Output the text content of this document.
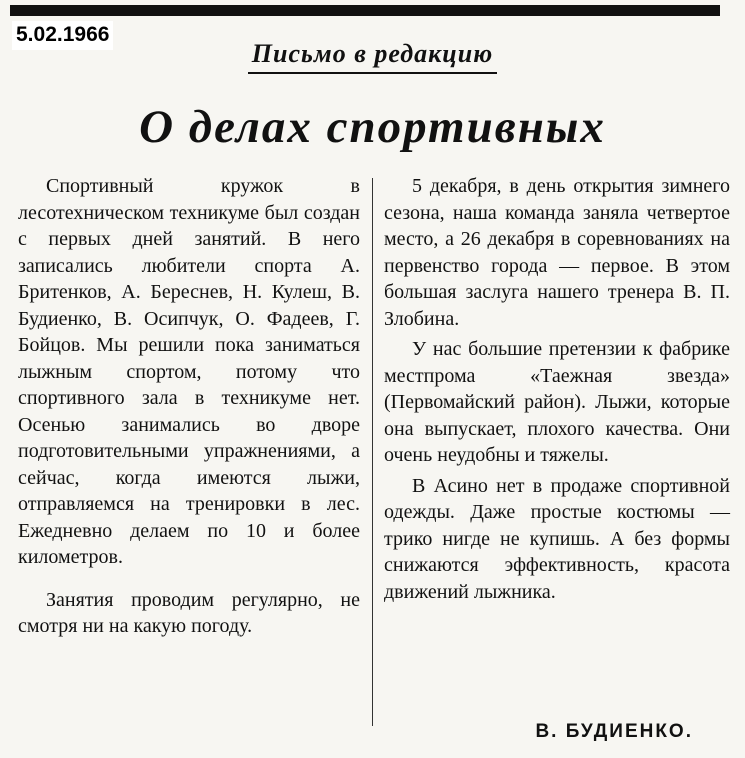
5.02.1966
Письмо в редакцию
О делах спортивных

Спортивный кружок в лесотехническом техникуме был создан с первых дней занятий. В него записались любители спорта А. Бритенков, А. Береснев, Н. Кулеш, В. Будиенко, В. Осипчук, О. Фадеев, Г. Бойцов. Мы решили пока заниматься лыжным спортом, потому что спортивного зала в техникуме нет. Осенью занимались во дворе подготовительными упражнениями, а сейчас, когда имеются лыжи, отправляемся на тренировки в лес. Ежедневно делаем по 10 и более километров.

Занятия проводим регулярно, не смотря ни на какую погоду.

5 декабря, в день открытия зимнего сезона, наша команда заняла четвертое место, а 26 декабря в соревнованиях на первенство города — первое. В этом большая заслуга нашего тренера В. П. Злобина.

У нас большие претензии к фабрике местпрома «Таежная звезда» (Первомайский район). Лыжи, которые она выпускает, плохого качества. Они очень неудобны и тяжелы.

В Асино нет в продаже спортивной одежды. Даже простые костюмы — трико нигде не купишь. А без формы снижаются эффективность, красота движений лыжника.

В. БУДИЕНКО.
